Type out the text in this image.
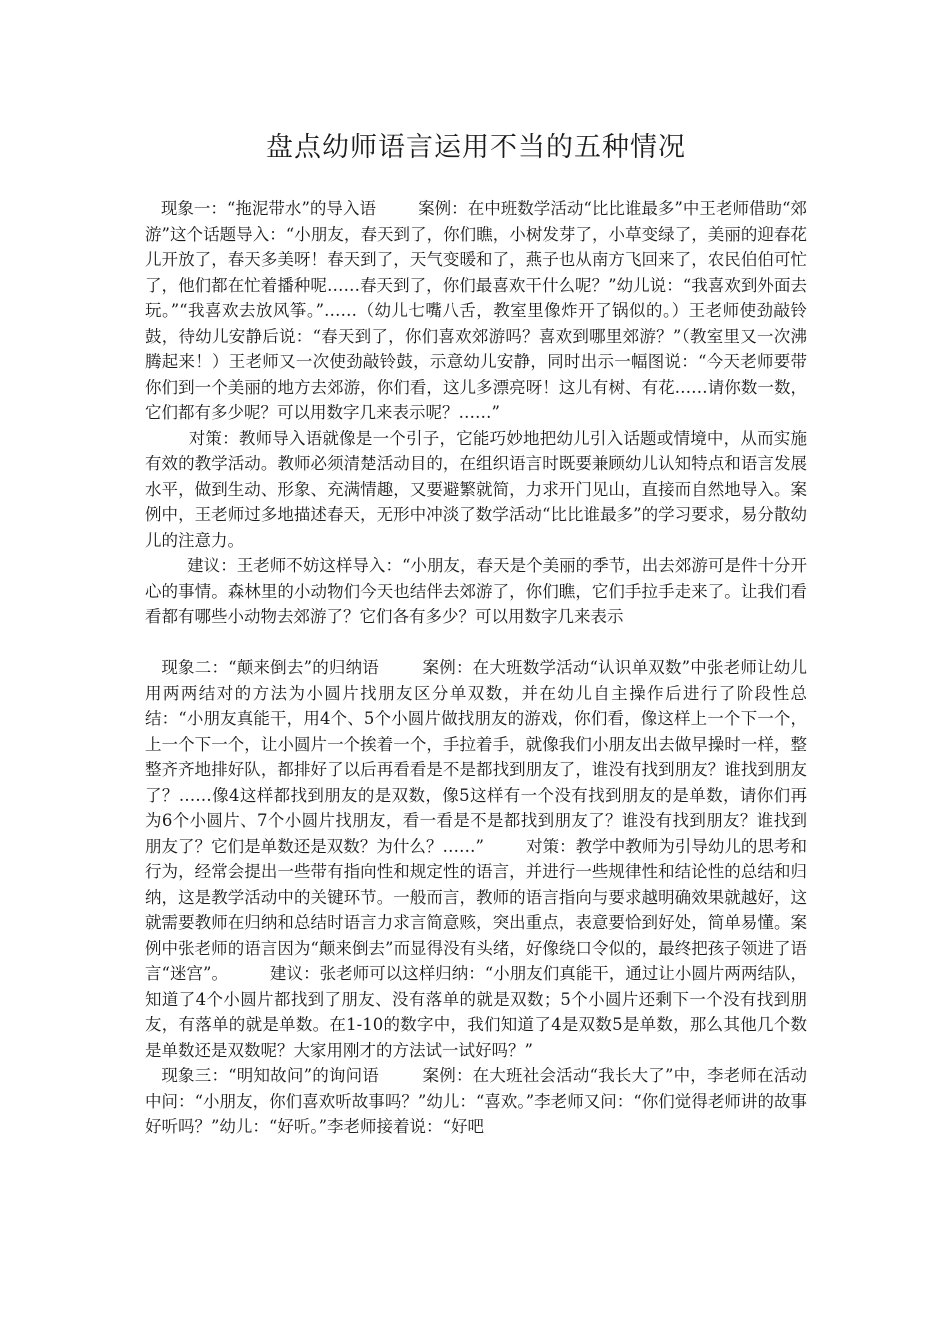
盘点幼师语言运用不当的五种情况

现象一：“拖泥带水”的导入语        案例：在中班数学活动“比比谁最多”中王老师借助“郊游”这个话题导入：“小朋友，春天到了，你们瞧，小树发芽了，小草变绿了，美丽的迎春花儿开放了，春天多美呀！春天到了，天气变暖和了，燕子也从南方飞回来了，农民伯伯可忙了，他们都在忙着播种呢……春天到了，你们最喜欢干什么呢？”幼儿说：“我喜欢到外面去玩。”“我喜欢去放风筝。”……（幼儿七嘴八舌，教室里像炸开了锅似的。）王老师使劲敲铃鼓，待幼儿安静后说：“春天到了，你们喜欢郊游吗？喜欢到哪里郊游？”（教室里又一次沸腾起来！）王老师又一次使劲敲铃鼓，示意幼儿安静，同时出示一幅图说：“今天老师要带你们到一个美丽的地方去郊游，你们看，这儿多漂亮呀！这儿有树、有花……请你数一数，它们都有多少呢？可以用数字几来表示呢？……”

对策：教师导入语就像是一个引子，它能巧妙地把幼儿引入话题或情境中，从而实施有效的教学活动。教师必须清楚活动目的，在组织语言时既要兼顾幼儿认知特点和语言发展水平，做到生动、形象、充满情趣，又要避繁就简，力求开门见山，直接而自然地导入。案例中，王老师过多地描述春天，无形中冲淡了数学活动“比比谁最多”的学习要求，易分散幼儿的注意力。

建议：王老师不妨这样导入：“小朋友，春天是个美丽的季节，出去郊游可是件十分开心的事情。森林里的小动物们今天也结伴去郊游了，你们瞧，它们手拉手走来了。让我们看看都有哪些小动物去郊游了？它们各有多少？可以用数字几来表示

现象二：“颠来倒去”的归纳语        案例：在大班数学活动“认识单双数”中张老师让幼儿用两两结对的方法为小圆片找朋友区分单双数，并在幼儿自主操作后进行了阶段性总结：“小朋友真能干，用4个、5个小圆片做找朋友的游戏，你们看，像这样上一个下一个，上一个下一个，让小圆片一个挨着一个，手拉着手，就像我们小朋友出去做早操时一样，整整齐齐地排好队，都排好了以后再看看是不是都找到朋友了，谁没有找到朋友？谁找到朋友了？……像4这样都找到朋友的是双数，像5这样有一个没有找到朋友的是单数，请你们再为6个小圆片、7个小圆片找朋友，看一看是不是都找到朋友了？谁没有找到朋友？谁找到朋友了？它们是单数还是双数？为什么？……”        对策：教学中教师为引导幼儿的思考和行为，经常会提出一些带有指向性和规定性的语言，并进行一些规律性和结论性的总结和归纳，这是教学活动中的关键环节。一般而言，教师的语言指向与要求越明确效果就越好，这就需要教师在归纳和总结时语言力求言简意赅，突出重点，表意要恰到好处，简单易懂。案例中张老师的语言因为“颠来倒去”而显得没有头绪，好像绕口令似的，最终把孩子领进了语言“迷宫”。        建议：张老师可以这样归纳：“小朋友们真能干，通过让小圆片两两结队，知道了4个小圆片都找到了朋友、没有落单的就是双数；5个小圆片还剩下一个没有找到朋友，有落单的就是单数。在1-10的数字中，我们知道了4是双数5是单数，那么其他几个数是单数还是双数呢？大家用刚才的方法试一试好吗？”

现象三：“明知故问”的询问语        案例：在大班社会活动“我长大了”中，李老师在活动中问：“小朋友，你们喜欢听故事吗？”幼儿：“喜欢。”李老师又问：“你们觉得老师讲的故事好听吗？”幼儿：“好听。”李老师接着说：“好吧
